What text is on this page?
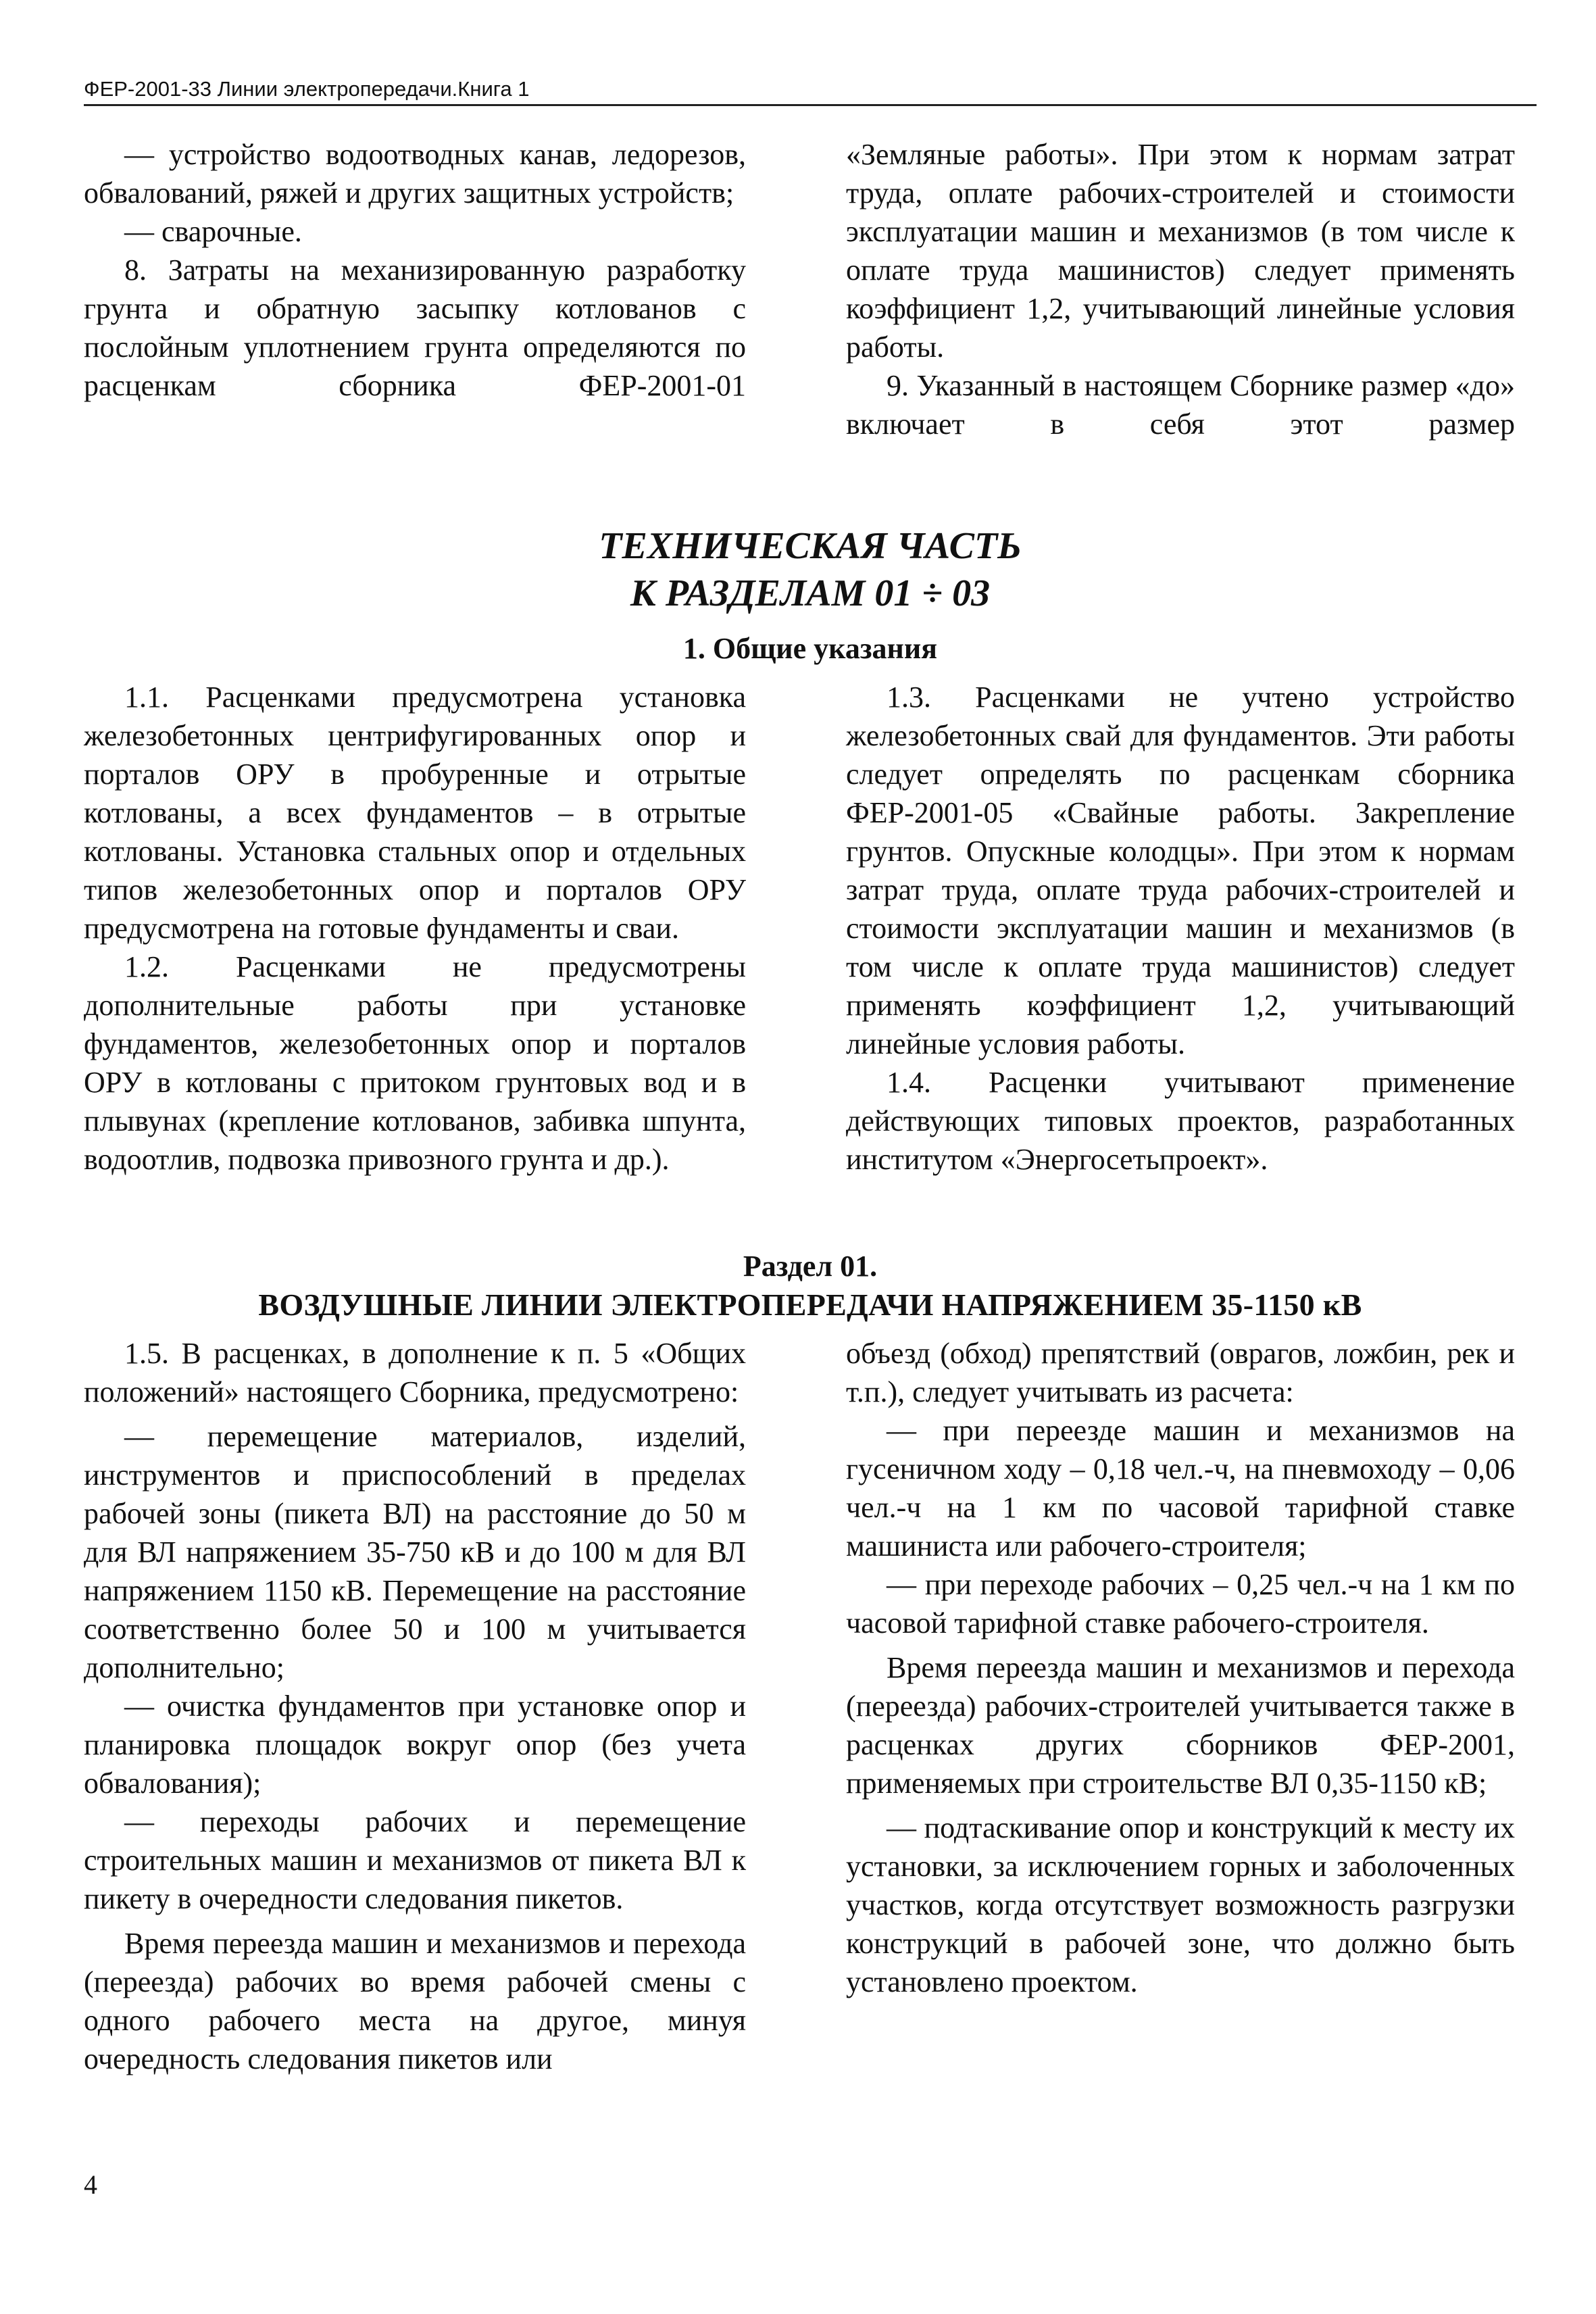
ФЕР-2001-33 Линии электропередачи.Книга 1

— устройство водоотводных канав, ледорезов, обвалований, ряжей и других защитных устройств;

— сварочные.

8. Затраты на механизированную разработку грунта и обратную засыпку котлованов с послойным уплотнением грунта определяются по расценкам сборника ФЕР-2001-01

«Земляные работы». При этом к нормам затрат труда, оплате рабочих-строителей и стоимости эксплуатации машин и механизмов (в том числе к оплате труда машинистов) следует применять коэффициент 1,2, учитывающий линейные условия работы.

9. Указанный в настоящем Сборнике размер «до» включает в себя этот размер

ТЕХНИЧЕСКАЯ ЧАСТЬ
К РАЗДЕЛАМ 01 ÷ 03
1. Общие указания

1.1. Расценками предусмотрена установка железобетонных центрифугированных опор и порталов ОРУ в пробуренные и отрытые котлованы, а всех фундаментов – в отрытые котлованы. Установка стальных опор и отдельных типов железобетонных опор и порталов ОРУ предусмотрена на готовые фундаменты и сваи.

1.2. Расценками не предусмотрены дополнительные работы при установке фундаментов, железобетонных опор и порталов ОРУ в котлованы с притоком грунтовых вод и в плывунах (крепление котлованов, забивка шпунта, водоотлив, подвозка привозного грунта и др.).

1.3. Расценками не учтено устройство железобетонных свай для фундаментов. Эти работы следует определять по расценкам сборника ФЕР-2001-05 «Свайные работы. Закрепление грунтов. Опускные колодцы». При этом к нормам затрат труда, оплате труда рабочих-строителей и стоимости эксплуатации машин и механизмов (в том числе к оплате труда машинистов) следует применять коэффициент 1,2, учитывающий линейные условия работы.

1.4. Расценки учитывают применение действующих типовых проектов, разработанных институтом «Энергосетьпроект».

Раздел 01.
ВОЗДУШНЫЕ ЛИНИИ ЭЛЕКТРОПЕРЕДАЧИ НАПРЯЖЕНИЕМ 35-1150 кВ

1.5. В расценках, в дополнение к п. 5 «Общих положений» настоящего Сборника, предусмотрено:

— перемещение материалов, изделий, инструментов и приспособлений в пределах рабочей зоны (пикета ВЛ) на расстояние до 50 м для ВЛ напряжением 35-750 кВ и до 100 м для ВЛ напряжением 1150 кВ. Перемещение на расстояние соответственно более 50 и 100 м учитывается дополнительно;

— очистка фундаментов при установке опор и планировка площадок вокруг опор (без учета обвалования);

— переходы рабочих и перемещение строительных машин и механизмов от пикета ВЛ к пикету в очередности следования пикетов.

Время переезда машин и механизмов и перехода (переезда) рабочих во время рабочей смены с одного рабочего места на другое, минуя очередность следования пикетов или

объезд (обход) препятствий (оврагов, ложбин, рек и т.п.), следует учитывать из расчета:

— при переезде машин и механизмов на гусеничном ходу – 0,18 чел.-ч, на пневмоходу – 0,06 чел.-ч на 1 км по часовой тарифной ставке машиниста или рабочего-строителя;

— при переходе рабочих – 0,25 чел.-ч на 1 км по часовой тарифной ставке рабочего-строителя.

Время переезда машин и механизмов и перехода (переезда) рабочих-строителей учитывается также в расценках других сборников ФЕР-2001, применяемых при строительстве ВЛ 0,35-1150 кВ;

— подтаскивание опор и конструкций к месту их установки, за исключением горных и заболоченных участков, когда отсутствует возможность разгрузки конструкций в рабочей зоне, что должно быть установлено проектом.

4
